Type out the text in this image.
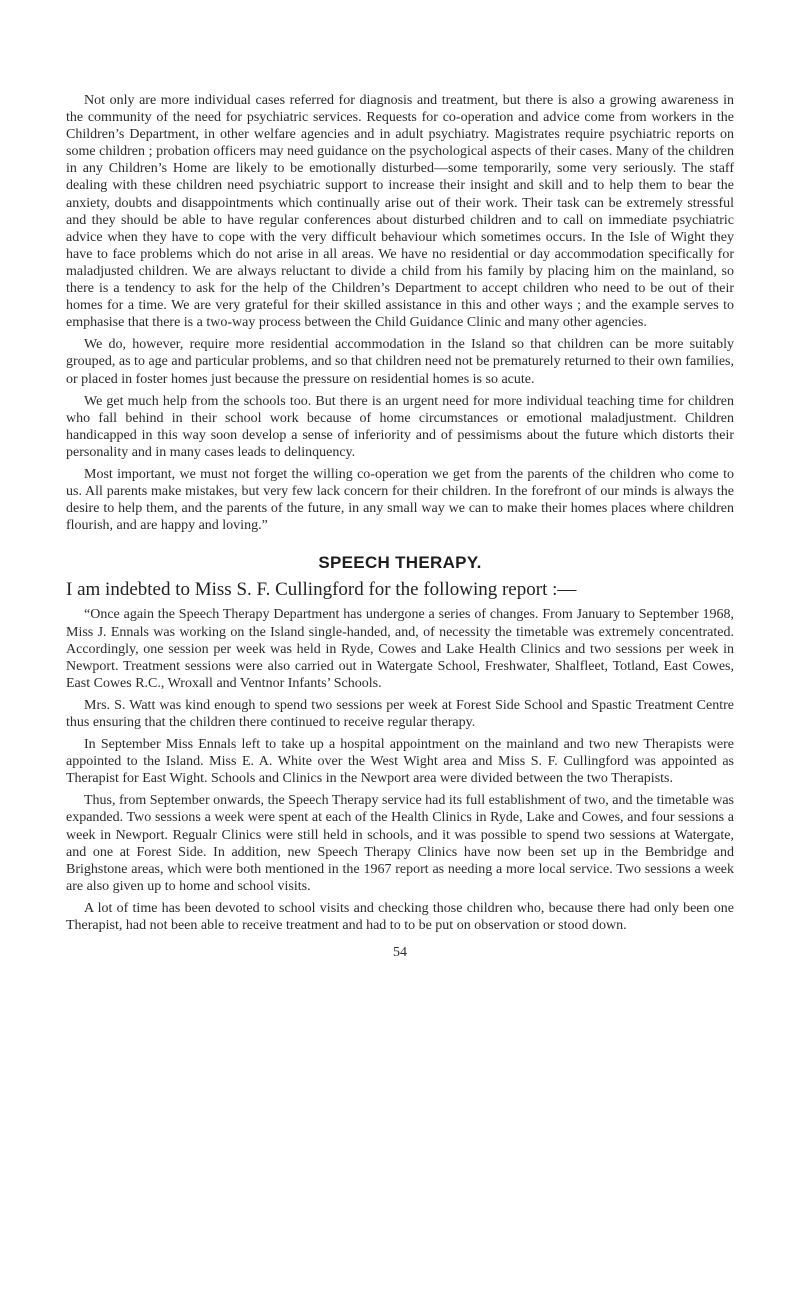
Not only are more individual cases referred for diagnosis and treatment, but there is also a growing awareness in the community of the need for psychiatric services. Requests for co-operation and advice come from workers in the Children’s Department, in other welfare agencies and in adult psychiatry. Magistrates require psychiatric reports on some children ; probation officers may need guidance on the psychological aspects of their cases. Many of the children in any Children’s Home are likely to be emotionally disturbed—some temporarily, some very seriously. The staff dealing with these children need psychiatric support to increase their insight and skill and to help them to bear the anxiety, doubts and disappointments which continually arise out of their work. Their task can be extremely stressful and they should be able to have regular conferences about disturbed children and to call on immediate psychiatric advice when they have to cope with the very difficult behaviour which sometimes occurs. In the Isle of Wight they have to face problems which do not arise in all areas. We have no residential or day accommodation specifically for maladjusted children. We are always reluctant to divide a child from his family by placing him on the mainland, so there is a tendency to ask for the help of the Children’s Department to accept children who need to be out of their homes for a time. We are very grateful for their skilled assistance in this and other ways ; and the example serves to emphasise that there is a two-way process between the Child Guidance Clinic and many other agencies.

We do, however, require more residential accommodation in the Island so that children can be more suitably grouped, as to age and particular problems, and so that children need not be prematurely returned to their own families, or placed in foster homes just because the pressure on residential homes is so acute.

We get much help from the schools too. But there is an urgent need for more individual teaching time for children who fall behind in their school work because of home circumstances or emotional maladjustment. Children handicapped in this way soon develop a sense of inferiority and of pessimisms about the future which distorts their personality and in many cases leads to delinquency.

Most important, we must not forget the willing co-operation we get from the parents of the children who come to us. All parents make mistakes, but very few lack concern for their children. In the forefront of our minds is always the desire to help them, and the parents of the future, in any small way we can to make their homes places where children flourish, and are happy and loving.”

SPEECH THERAPY.

I am indebted to Miss S. F. Cullingford for the following report :—

“Once again the Speech Therapy Department has undergone a series of changes. From January to September 1968, Miss J. Ennals was working on the Island single-handed, and, of necessity the timetable was extremely concentrated. Accordingly, one session per week was held in Ryde, Cowes and Lake Health Clinics and two sessions per week in Newport. Treatment sessions were also carried out in Watergate School, Freshwater, Shalfleet, Totland, East Cowes, East Cowes R.C., Wroxall and Ventnor Infants’ Schools.

Mrs. S. Watt was kind enough to spend two sessions per week at Forest Side School and Spastic Treatment Centre thus ensuring that the children there continued to receive regular therapy.

In September Miss Ennals left to take up a hospital appointment on the mainland and two new Therapists were appointed to the Island. Miss E. A. White over the West Wight area and Miss S. F. Cullingford was appointed as Therapist for East Wight. Schools and Clinics in the Newport area were divided between the two Therapists.

Thus, from September onwards, the Speech Therapy service had its full establishment of two, and the timetable was expanded. Two sessions a week were spent at each of the Health Clinics in Ryde, Lake and Cowes, and four sessions a week in Newport. Regualr Clinics were still held in schools, and it was possible to spend two sessions at Watergate, and one at Forest Side. In addition, new Speech Therapy Clinics have now been set up in the Bembridge and Brighstone areas, which were both mentioned in the 1967 report as needing a more local service. Two sessions a week are also given up to home and school visits.

A lot of time has been devoted to school visits and checking those children who, because there had only been one Therapist, had not been able to receive treatment and had to to be put on observation or stood down.

54
